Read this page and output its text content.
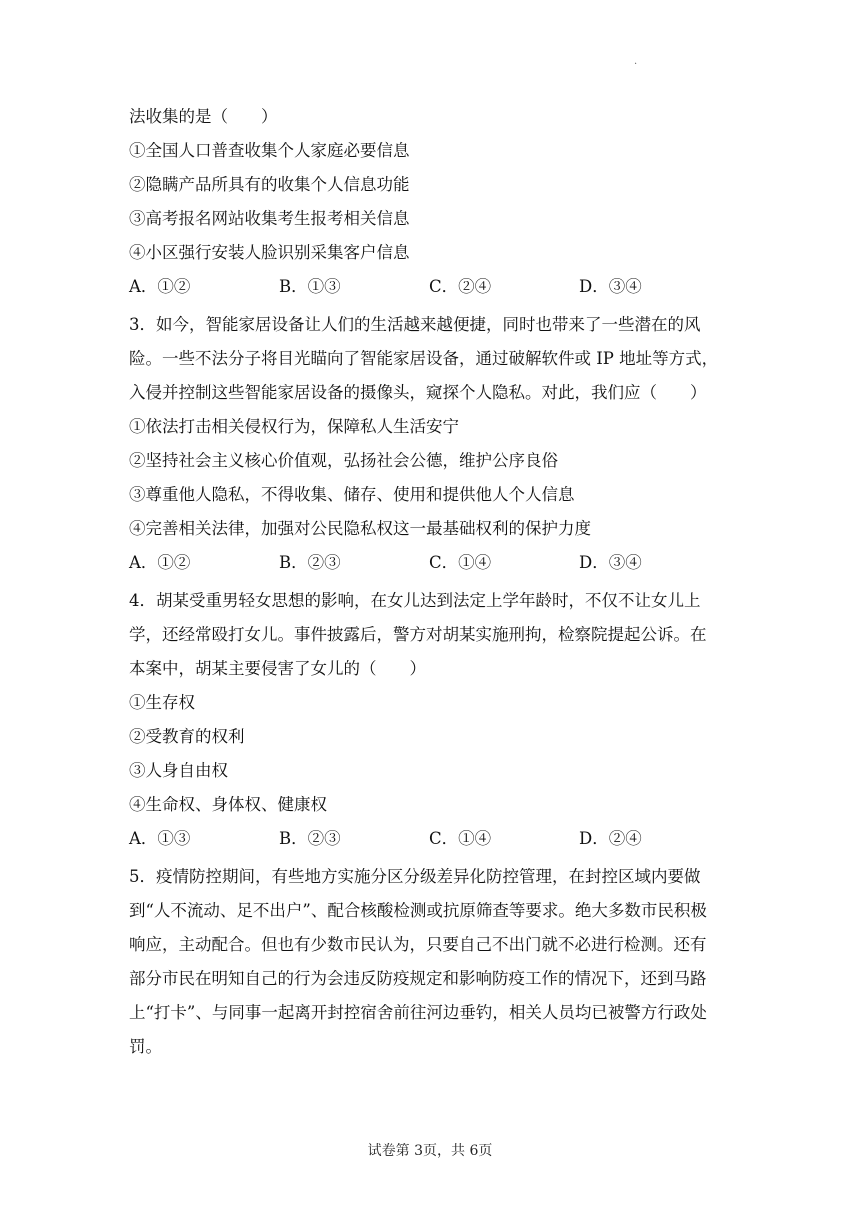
.
法收集的是（　　）
①全国人口普查收集个人家庭必要信息
②隐瞒产品所具有的收集个人信息功能
③高考报名网站收集考生报考相关信息
④小区强行安装人脸识别采集客户信息
A．①②	B．①③	C．②④	D．③④
3．如今，智能家居设备让人们的生活越来越便捷，同时也带来了一些潜在的风
险。一些不法分子将目光瞄向了智能家居设备，通过破解软件或 IP 地址等方式，
入侵并控制这些智能家居设备的摄像头，窥探个人隐私。对此，我们应（　　）
①依法打击相关侵权行为，保障私人生活安宁
②坚持社会主义核心价值观，弘扬社会公德，维护公序良俗
③尊重他人隐私，不得收集、储存、使用和提供他人个人信息
④完善相关法律，加强对公民隐私权这一最基础权利的保护力度
A．①②	B．②③	C．①④	D．③④
4．胡某受重男轻女思想的影响，在女儿达到法定上学年龄时，不仅不让女儿上
学，还经常殴打女儿。事件披露后，警方对胡某实施刑拘，检察院提起公诉。在
本案中，胡某主要侵害了女儿的（　　）
①生存权
②受教育的权利
③人身自由权
④生命权、身体权、健康权
A．①③	B．②③	C．①④	D．②④
5．疫情防控期间，有些地方实施分区分级差异化防控管理，在封控区域内要做
到“人不流动、足不出户”、配合核酸检测或抗原筛查等要求。绝大多数市民积极
响应，主动配合。但也有少数市民认为，只要自己不出门就不必进行检测。还有
部分市民在明知自己的行为会违反防疫规定和影响防疫工作的情况下，还到马路
上“打卡”、与同事一起离开封控宿舍前往河边垂钓，相关人员均已被警方行政处
罚。
试卷第 3页，共 6页
